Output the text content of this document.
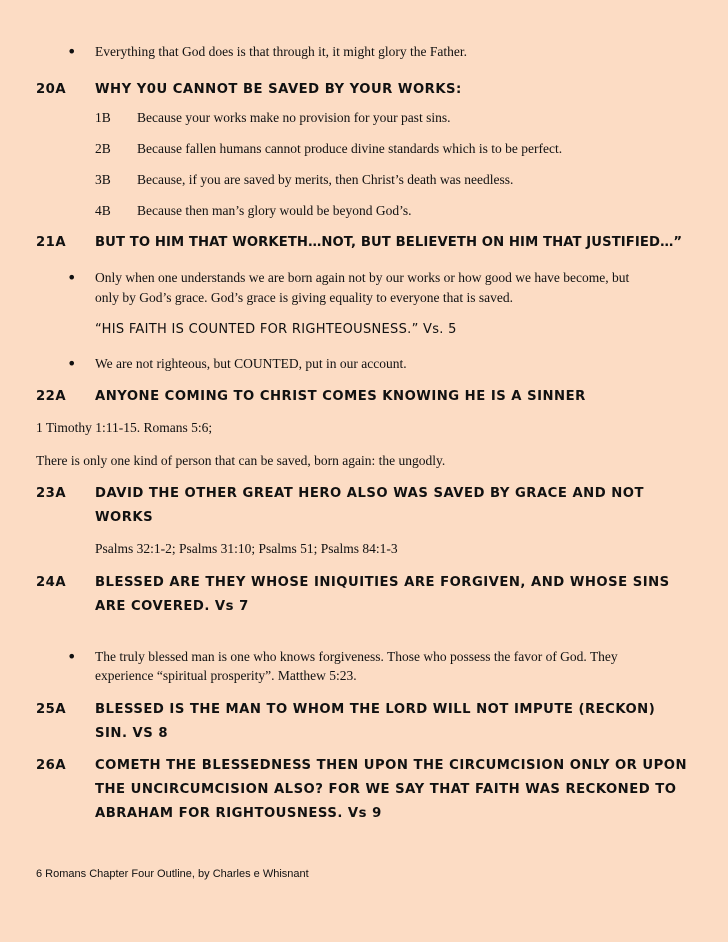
• Everything that God does is that through it, it might glory the Father.
20A WHY Y0U CANNOT BE SAVED BY YOUR WORKS:
1B Because your works make no provision for your past sins.
2B Because fallen humans cannot produce divine standards which is to be perfect.
3B Because, if you are saved by merits, then Christ’s death was needless.
4B Because then man’s glory would be beyond God’s.
21A BUT TO HIM THAT WORKETH…NOT, BUT BELIEVETH ON HIM THAT JUSTIFIED…”
• Only when one understands we are born again not by our works or how good we have become, but
only by God’s grace. God’s grace is giving equality to everyone that is saved.
“HIS FAITH IS COUNTED FOR RIGHTEOUSNESS.” Vs. 5
• We are not righteous, but COUNTED, put in our account.
22A ANYONE COMING TO CHRIST COMES KNOWING HE IS A SINNER
1 Timothy 1:11-15. Romans 5:6;
There is only one kind of person that can be saved, born again: the ungodly.
23A DAVID THE OTHER GREAT HERO ALSO WAS SAVED BY GRACE AND NOT
WORKS
Psalms 32:1-2; Psalms 31:10; Psalms 51; Psalms 84:1-3
24A BLESSED ARE THEY WHOSE INIQUITIES ARE FORGIVEN, AND WHOSE SINS
ARE COVERED. Vs 7
• The truly blessed man is one who knows forgiveness. Those who possess the favor of God. They
experience “spiritual prosperity”. Matthew 5:23.
25A BLESSED IS THE MAN TO WHOM THE LORD WILL NOT IMPUTE (RECKON)
SIN. VS 8
26A COMETH THE BLESSEDNESS THEN UPON THE CIRCUMCISION ONLY OR UPON
THE UNCIRCUMCISION ALSO? FOR WE SAY THAT FAITH WAS RECKONED TO
ABRAHAM FOR RIGHTOUSNESS. Vs 9
6 Romans Chapter Four Outline, by Charles e Whisnant
